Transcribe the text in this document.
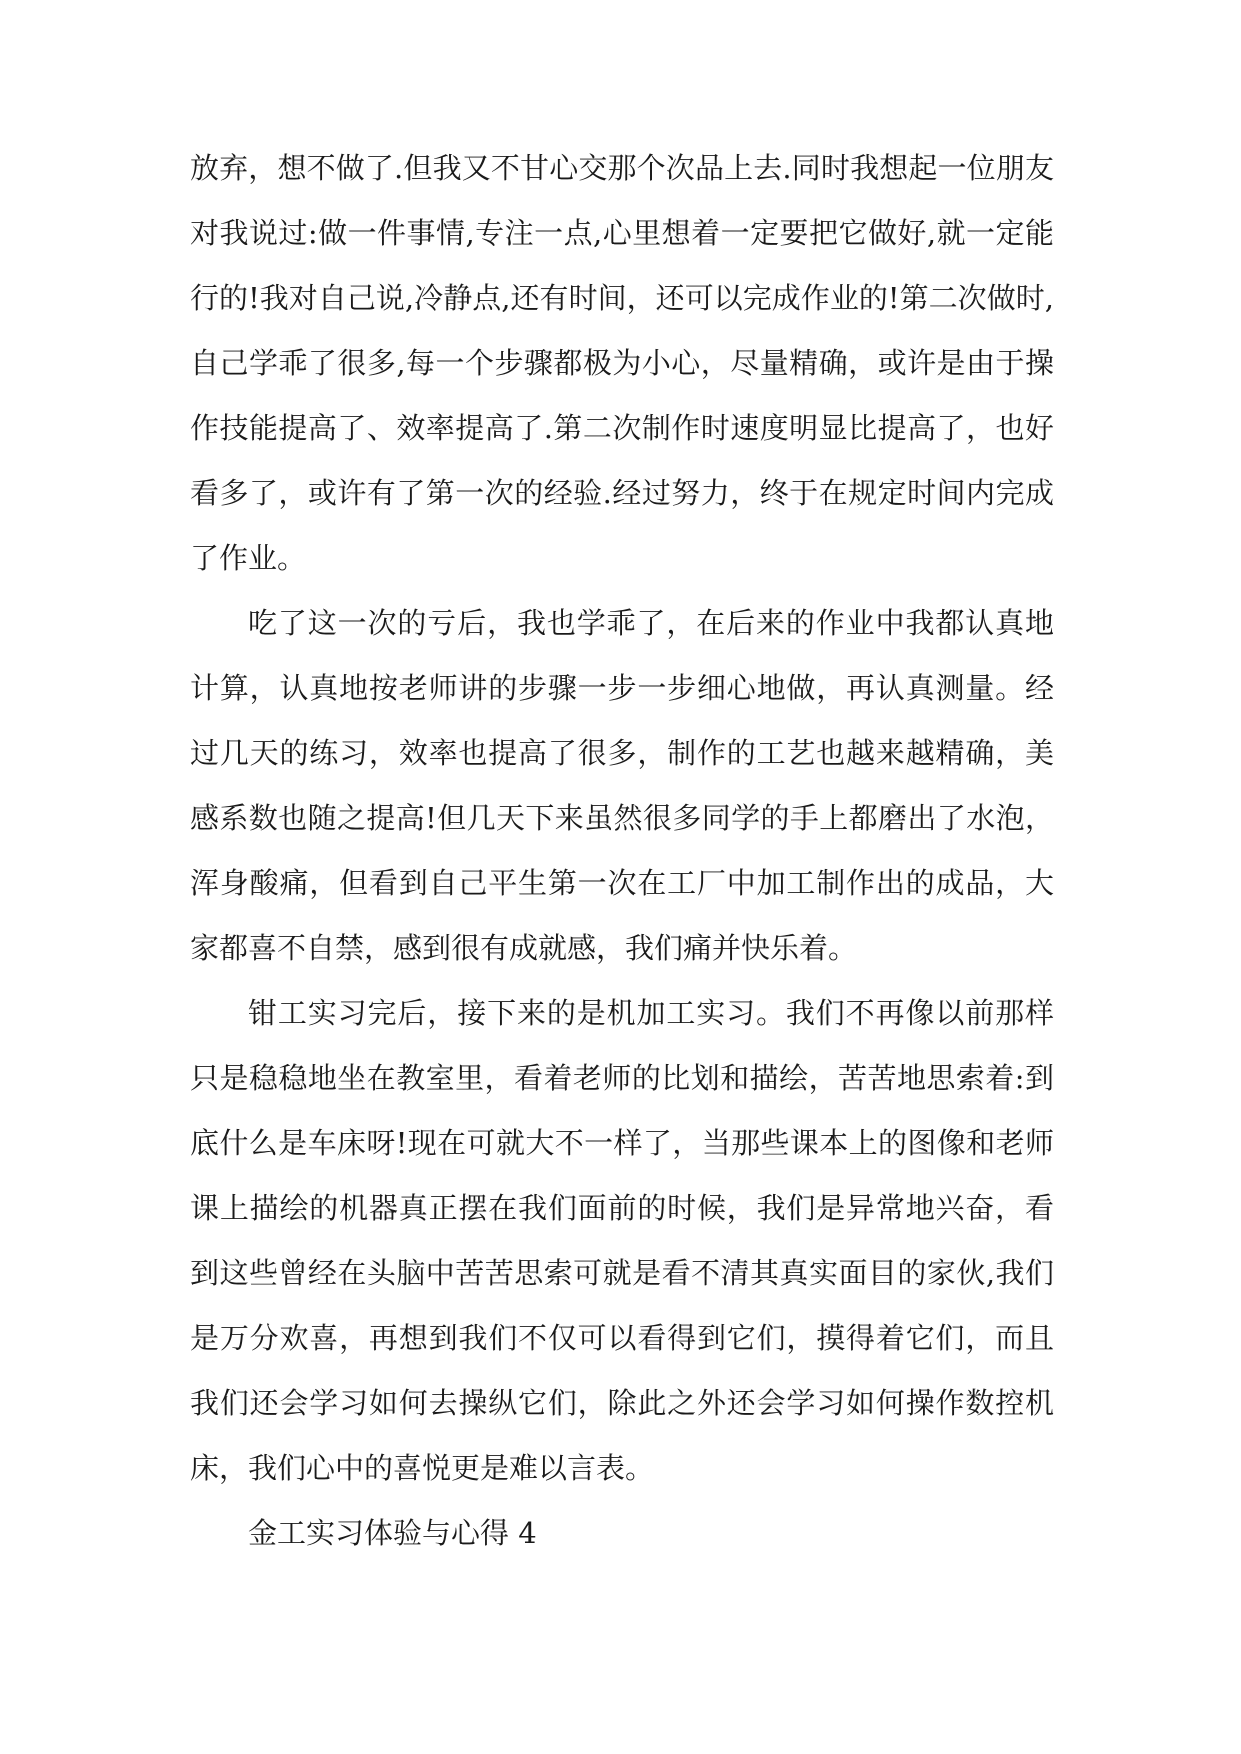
放弃，想不做了.但我又不甘心交那个次品上去.同时我想起一位朋友对我说过:做一件事情,专注一点,心里想着一定要把它做好,就一定能行的!我对自己说,冷静点,还有时间，还可以完成作业的!第二次做时,自己学乖了很多,每一个步骤都极为小心，尽量精确，或许是由于操作技能提高了、效率提高了.第二次制作时速度明显比提高了，也好看多了，或许有了第一次的经验.经过努力，终于在规定时间内完成了作业。

吃了这一次的亏后，我也学乖了，在后来的作业中我都认真地计算，认真地按老师讲的步骤一步一步细心地做，再认真测量。经过几天的练习，效率也提高了很多，制作的工艺也越来越精确，美感系数也随之提高!但几天下来虽然很多同学的手上都磨出了水泡，浑身酸痛，但看到自己平生第一次在工厂中加工制作出的成品，大家都喜不自禁，感到很有成就感，我们痛并快乐着。

钳工实习完后，接下来的是机加工实习。我们不再像以前那样只是稳稳地坐在教室里，看着老师的比划和描绘，苦苦地思索着:到底什么是车床呀!现在可就大不一样了，当那些课本上的图像和老师课上描绘的机器真正摆在我们面前的时候，我们是异常地兴奋，看到这些曾经在头脑中苦苦思索可就是看不清其真实面目的家伙,我们是万分欢喜，再想到我们不仅可以看得到它们，摸得着它们，而且我们还会学习如何去操纵它们，除此之外还会学习如何操作数控机床，我们心中的喜悦更是难以言表。

金工实习体验与心得 4
